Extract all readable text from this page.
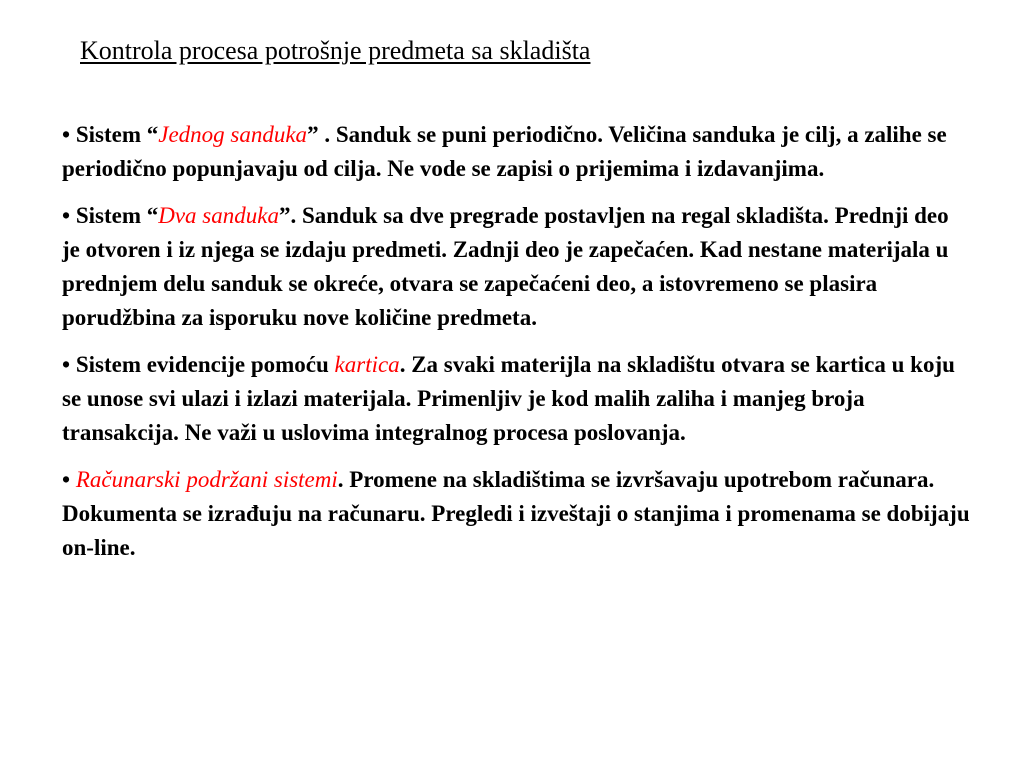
Kontrola procesa potrošnje predmeta sa skladišta
• Sistem “Jednog sanduka” . Sanduk se puni periodično. Veličina sanduka je cilj, a zalihe se periodično popunjavaju od cilja. Ne vode se zapisi o prijemima i izdavanjima.
• Sistem “Dva sanduka”. Sanduk sa dve pregrade postavljen na regal skladišta. Prednji deo je otvoren i iz njega se izdaju predmeti. Zadnji deo je zapečaćen. Kad nestane materijala u prednjem delu sanduk se okreće, otvara se zapečaćeni deo, a istovremeno se plasira porudžbina za isporuku nove količine predmeta.
• Sistem evidencije pomoću kartica. Za svaki materijla na skladištu otvara se kartica u koju se unose svi ulazi i izlazi materijala. Primenljiv je kod malih zaliha i manjeg broja transakcija. Ne važi u uslovima integralnog procesa poslovanja.
• Računarski podržani sistemi. Promene na skladištima se izvršavaju upotrebom računara. Dokumenta se izrađuju na računaru. Pregledi i izveštaji o stanjima i promenama se dobijaju on-line.
